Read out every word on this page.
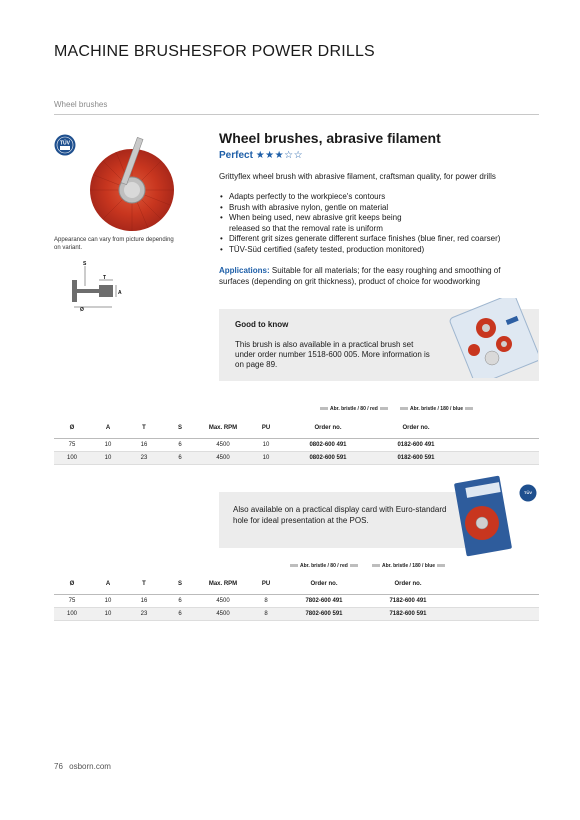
MACHINE BRUSHESFOR POWER DRILLS
Wheel brushes
TÜV
Appearance can vary from picture depending on variant.
S
T
A
Ø
Wheel brushes, abrasive filament
Perfect ★★★☆☆
Grittyflex wheel brush with abrasive filament, craftsman quality, for power drills
• Adapts perfectly to the workpiece's contours
• Brush with abrasive nylon, gentle on material
• When being used, new abrasive grit keeps being released so that the removal rate is uniform
• Different grit sizes generate different surface finishes (blue finer, red coarser)
• TÜV-Süd certified (safety tested, production monitored)
Applications: Suitable for all materials; for the easy roughing and smoothing of surfaces (depending on grit thickness), product of choice for woodworking
Good to know
This brush is also available in a practical brush set under order number 1518-600 005. More information is on page 89.
Abr. bristle / 80 / red	Abr. bristle / 180 / blue
Ø	A	T	S	Max. RPM	PU	Order no.	Order no.	
75	10	16	6	4500	10	0802-600 491	0182-600 491	
100	10	23	6	4500	10	0802-600 591	0182-600 591	
Also available on a practical display card with Euro-standard hole for ideal presentation at the POS.
TÜV
Abr. bristle / 80 / red	Abr. bristle / 180 / blue
Ø	A	T	S	Max. RPM	PU	Order no.	Order no.	
75	10	16	6	4500	8	7802-600 491	7182-600 491	
100	10	23	6	4500	8	7802-600 591	7182-600 591	
76 osborn.com
